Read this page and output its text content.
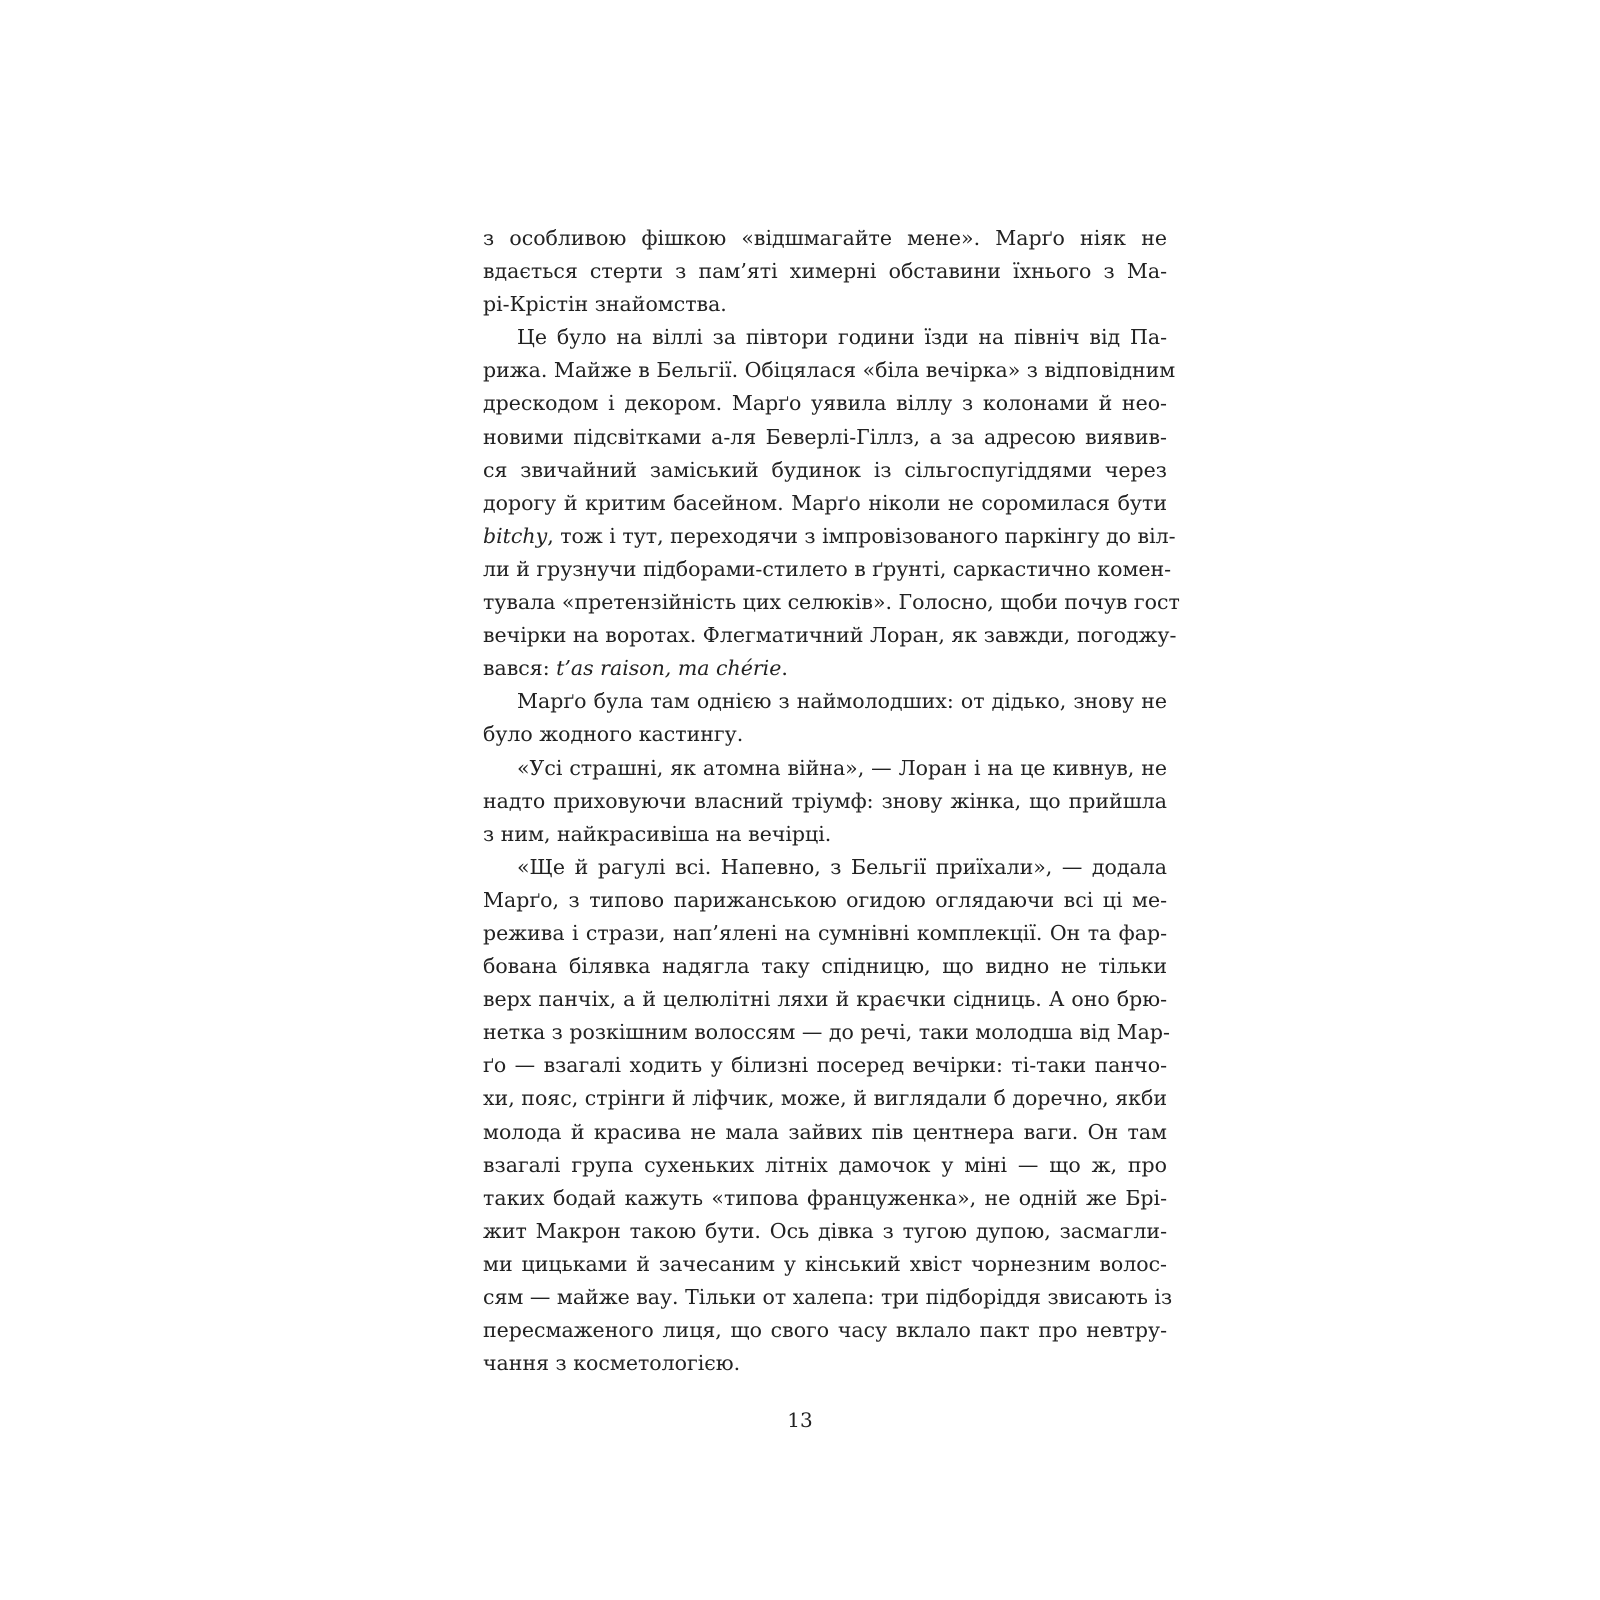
з особливою фішкою «відшмагайте мене». Марґо ніяк не
вдається стерти з пам’яті химерні обставини їхнього з Ма-
рі-Крістін знайомства.
Це було на віллі за півтори години їзди на північ від Па-
рижа. Майже в Бельгії. Обіцялася «біла вечірка» з відповідним
дрескодом і декором. Марґо уявила віллу з колонами й нео-
новими підсвітками а-ля Беверлі-Гіллз, а за адресою виявив-
ся звичайний заміський будинок із сільгоспугіддями через
дорогу й критим басейном. Марґо ніколи не соромилася бути
bitchy, тож і тут, переходячи з імпровізованого паркінгу до віл-
ли й грузнучи підборами-стилето в ґрунті, саркастично комен-
тувала «претензійність цих селюків». Голосно, щоби почув гост
вечірки на воротах. Флегматичний Лоран, як завжди, погоджу-
вався: t’as raison, ma chérie.
Марґо була там однією з наймолодших: от дідько, знову не
було жодного кастингу.
«Усі страшні, як атомна війна», — Лоран і на це кивнув, не
надто приховуючи власний тріумф: знову жінка, що прийшла
з ним, найкрасивіша на вечірці.
«Ще й рагулі всі. Напевно, з Бельгії приїхали», — додала
Марґо, з типово парижанською огидою оглядаючи всі ці ме-
режива і стрази, нап’ялені на сумнівні комплекції. Он та фар-
бована білявка надягла таку спідницю, що видно не тільки
верх панчіх, а й целюлітні ляхи й краєчки сідниць. А оно брю-
нетка з розкішним волоссям — до речі, таки молодша від Мар-
ґо — взагалі ходить у білизні посеред вечірки: ті-таки панчо-
хи, пояс, стрінги й ліфчик, може, й виглядали б доречно, якби
молода й красива не мала зайвих пів центнера ваги. Он там
взагалі група сухеньких літніх дамочок у міні — що ж, про
таких бодай кажуть «типова француженка», не одній же Брі-
жит Макрон такою бути. Ось дівка з тугою дупою, засмагли-
ми цицьками й зачесаним у кінський хвіст чорнезним волос-
сям — майже вау. Тільки от халепа: три підборіддя звисають із
пересмаженого лиця, що свого часу вклало пакт про невтру-
чання з косметологією.
13
